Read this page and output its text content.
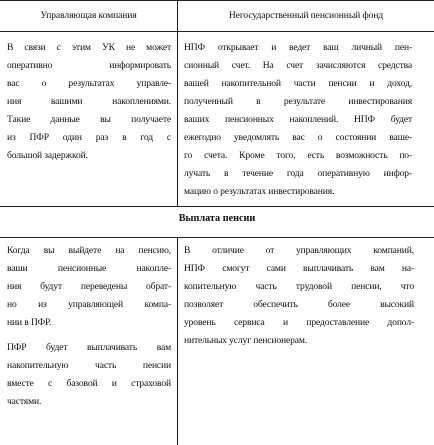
Управляющая компания	Негосударственный пенсионный фонд
В связи с этим УК не может
оперативно информировать
вас о результатах управле-
ния вашими накоплениями.
Такие данные вы получаете
из ПФР один раз в год с
большой задержкой.
НПФ открывает и ведет ваш личный пен-
сионный счет. На счет зачисляются средства
вашей накопительной части пенсии и доход,
полученный в результате инвестирования
ваших пенсионных накоплений. НПФ будет
ежегодно уведомлять вас о состоянии ваше-
го счета. Кроме того, есть возможность по-
лучать в течение года оперативную инфор-
мацию о результатах инвестирования.
Выплата пенсии
Когда вы выйдете на пенсию,
ваши пенсионные накопле-
ния будут переведены обрат-
но из управляющей компа-
нии в ПФР.
ПФР будет выплачивать вам
накопительную часть пенсии
вместе с базовой и страховой
частями.
В отличие от управляющих компаний,
НПФ смогут сами выплачивать вам на-
копительную часть трудовой пенсии, что
позволяет обеспечить более высокий
уровень сервиса и предоставление допол-
нительных услуг пенсионерам.
